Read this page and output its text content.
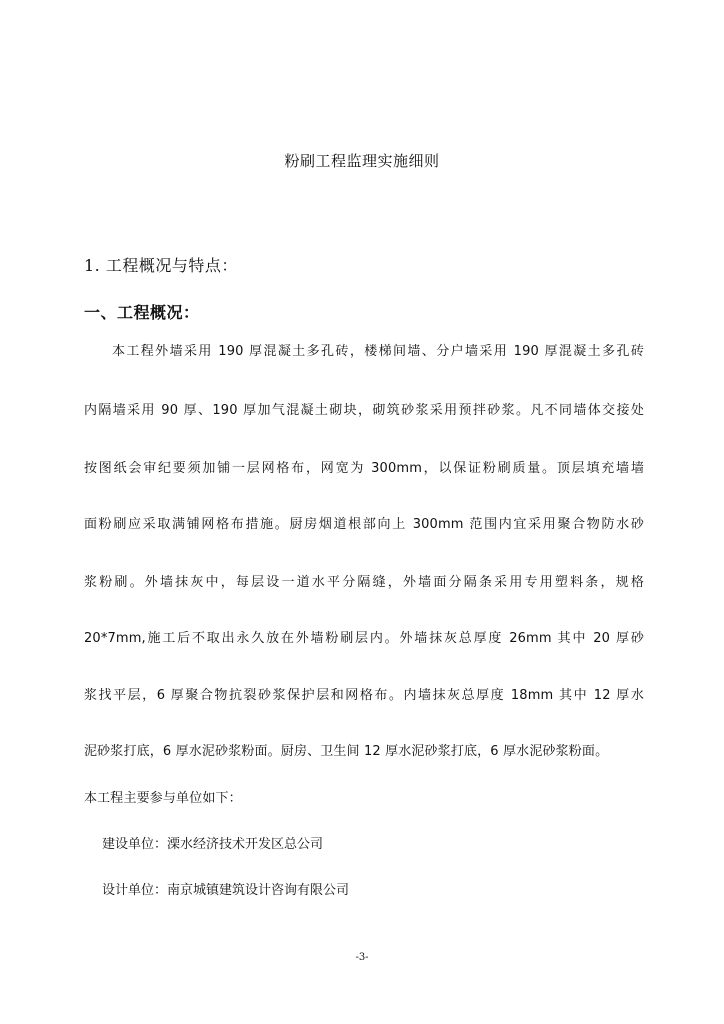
粉刷工程监理实施细则
1. 工程概况与特点：
一、工程概况：
本工程外墙采用 190 厚混凝土多孔砖，楼梯间墙、分户墙采用 190 厚混凝土多孔砖
内隔墙采用 90 厚、190 厚加气混凝土砌块，砌筑砂浆采用预拌砂浆。凡不同墙体交接处
按图纸会审纪要须加铺一层网格布，网宽为 300mm，以保证粉刷质量。顶层填充墙墙
面粉刷应采取满铺网格布措施。厨房烟道根部向上 300mm 范围内宜采用聚合物防水砂
浆粉刷。外墙抹灰中，每层设一道水平分隔缝，外墙面分隔条采用专用塑料条，规格
20*7mm,施工后不取出永久放在外墙粉刷层内。外墙抹灰总厚度 26mm 其中 20 厚砂
浆找平层，6 厚聚合物抗裂砂浆保护层和网格布。内墙抹灰总厚度 18mm 其中 12 厚水
泥砂浆打底，6 厚水泥砂浆粉面。厨房、卫生间 12 厚水泥砂浆打底，6 厚水泥砂浆粉面。
本工程主要参与单位如下：
建设单位：溧水经济技术开发区总公司
设计单位：南京城镇建筑设计咨询有限公司
-3-
